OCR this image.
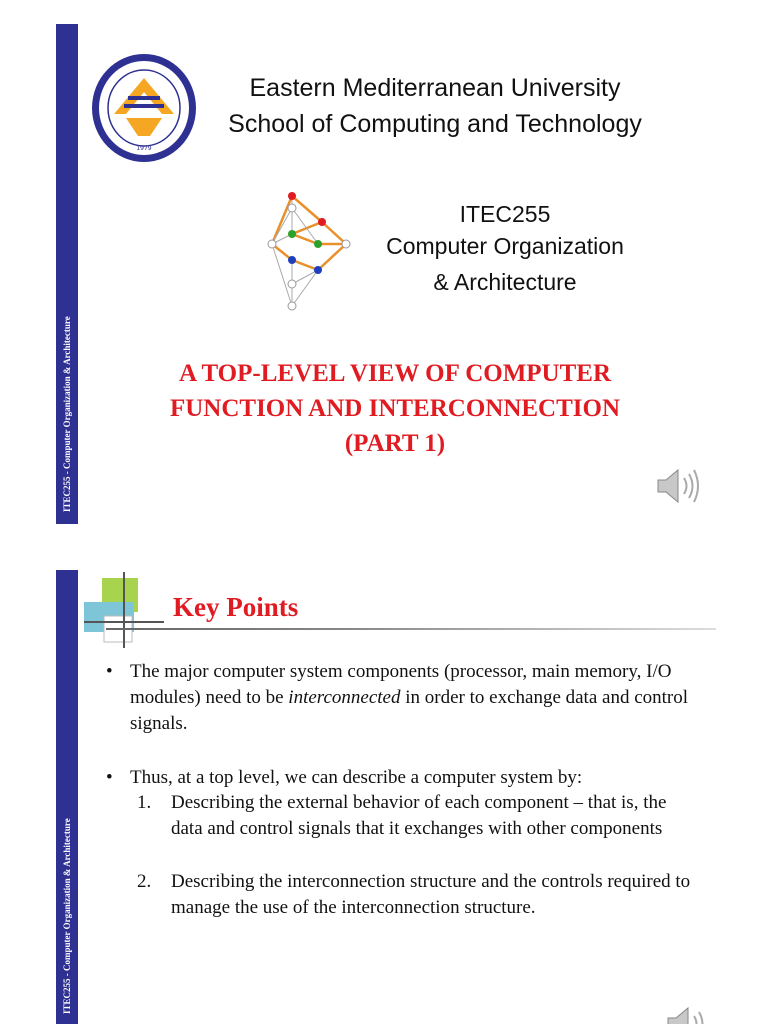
ITEC255 - Computer Organization & Architecture
1979
Eastern Mediterranean University
School of Computing and Technology
ITEC255
Computer Organization
& Architecture
A TOP-LEVEL VIEW OF COMPUTER
FUNCTION AND INTERCONNECTION
(PART 1)
ITEC255 - Computer Organization & Architecture
Key Points
• The major computer system components (processor, main memory, I/O modules) need to be interconnected in order to exchange data and control signals.
• Thus, at a top level, we can describe a computer system by:
1. Describing the external behavior of each component – that is, the data and control signals that it exchanges with other components
2. Describing the interconnection structure and the controls required to manage the use of the interconnection structure.
